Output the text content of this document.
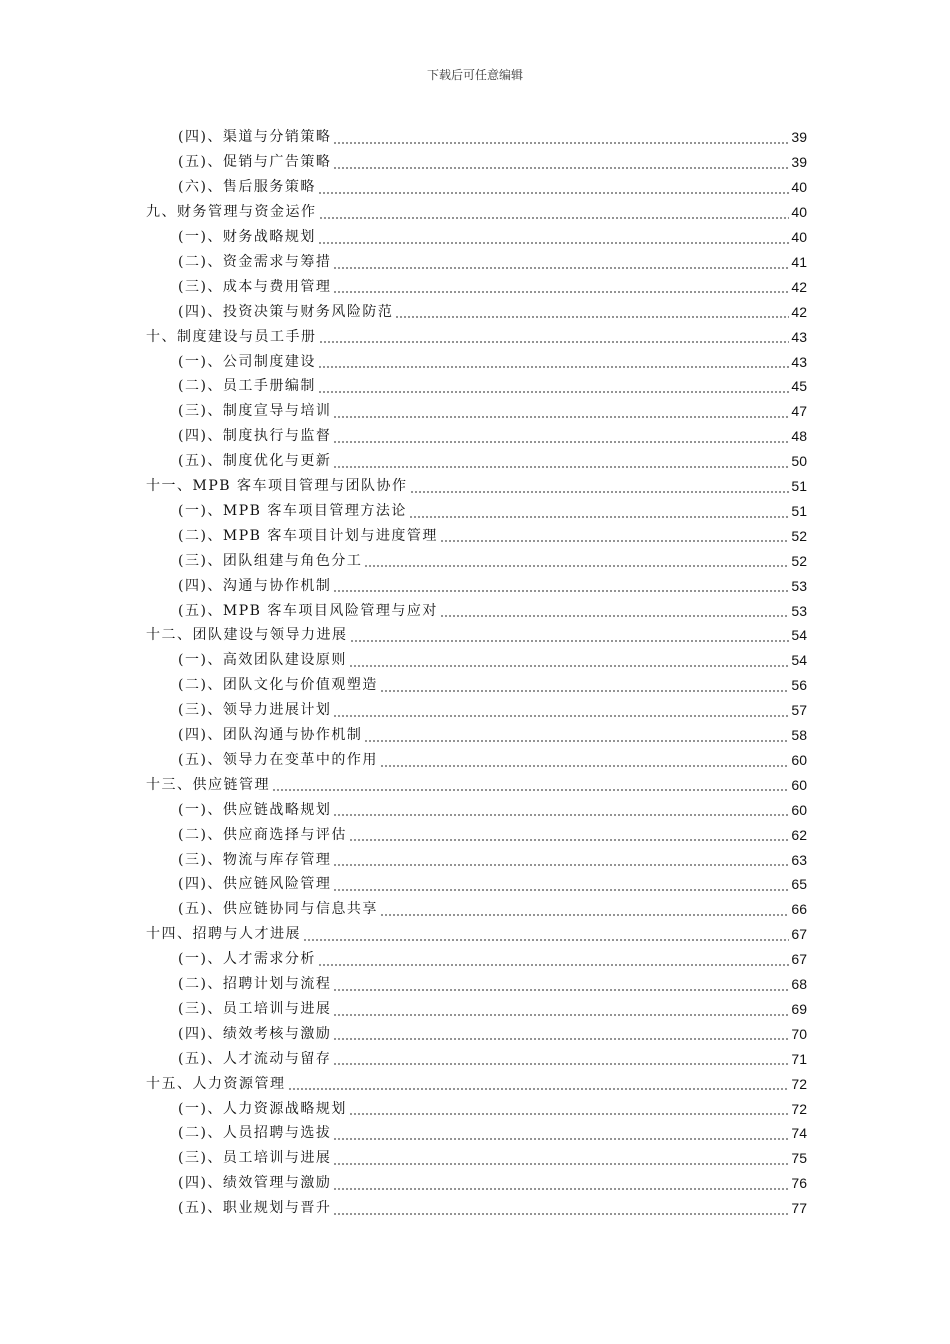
下载后可任意编辑
(四)、渠道与分销策略	39
(五)、促销与广告策略	39
(六)、售后服务策略	40
九、财务管理与资金运作	40
(一)、财务战略规划	40
(二)、资金需求与筹措	41
(三)、成本与费用管理	42
(四)、投资决策与财务风险防范	42
十、制度建设与员工手册	43
(一)、公司制度建设	43
(二)、员工手册编制	45
(三)、制度宣导与培训	47
(四)、制度执行与监督	48
(五)、制度优化与更新	50
十一、MPB 客车项目管理与团队协作	51
(一)、MPB 客车项目管理方法论	51
(二)、MPB 客车项目计划与进度管理	52
(三)、团队组建与角色分工	52
(四)、沟通与协作机制	53
(五)、MPB 客车项目风险管理与应对	53
十二、团队建设与领导力进展	54
(一)、高效团队建设原则	54
(二)、团队文化与价值观塑造	56
(三)、领导力进展计划	57
(四)、团队沟通与协作机制	58
(五)、领导力在变革中的作用	60
十三、供应链管理	60
(一)、供应链战略规划	60
(二)、供应商选择与评估	62
(三)、物流与库存管理	63
(四)、供应链风险管理	65
(五)、供应链协同与信息共享	66
十四、招聘与人才进展	67
(一)、人才需求分析	67
(二)、招聘计划与流程	68
(三)、员工培训与进展	69
(四)、绩效考核与激励	70
(五)、人才流动与留存	71
十五、人力资源管理	72
(一)、人力资源战略规划	72
(二)、人员招聘与选拔	74
(三)、员工培训与进展	75
(四)、绩效管理与激励	76
(五)、职业规划与晋升	77
